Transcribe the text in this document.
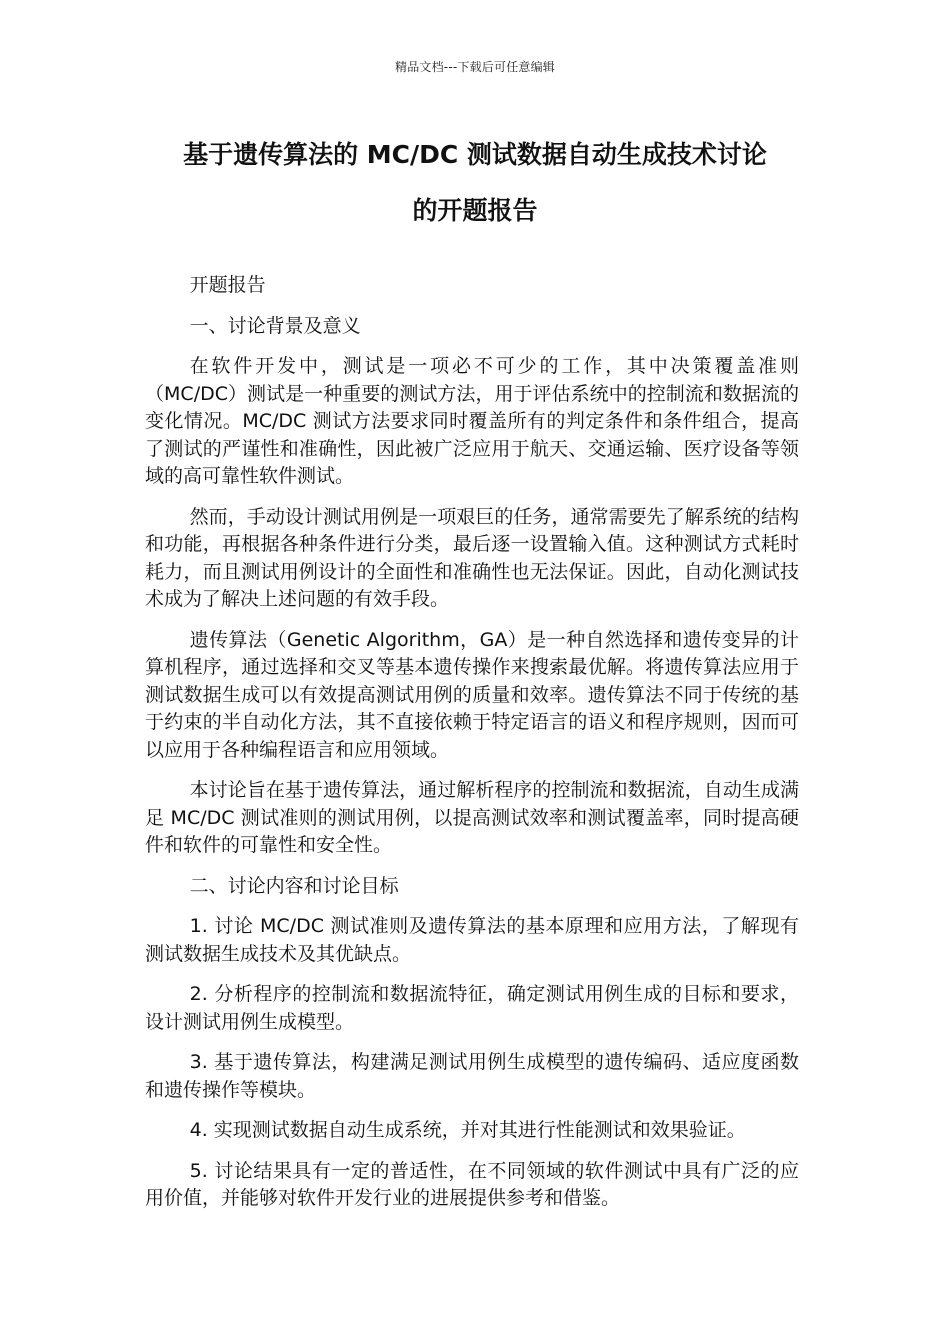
精品文档---下载后可任意编辑
基于遗传算法的 MC/DC 测试数据自动生成技术讨论
的开题报告

开题报告

一、讨论背景及意义

在软件开发中，测试是一项必不可少的工作，其中决策覆盖准则（MC/DC）测试是一种重要的测试方法，用于评估系统中的控制流和数据流的变化情况。MC/DC 测试方法要求同时覆盖所有的判定条件和条件组合，提高了测试的严谨性和准确性，因此被广泛应用于航天、交通运输、医疗设备等领域的高可靠性软件测试。

然而，手动设计测试用例是一项艰巨的任务，通常需要先了解系统的结构和功能，再根据各种条件进行分类，最后逐一设置输入值。这种测试方式耗时耗力，而且测试用例设计的全面性和准确性也无法保证。因此，自动化测试技术成为了解决上述问题的有效手段。

遗传算法（Genetic Algorithm，GA）是一种自然选择和遗传变异的计算机程序，通过选择和交叉等基本遗传操作来搜索最优解。将遗传算法应用于测试数据生成可以有效提高测试用例的质量和效率。遗传算法不同于传统的基于约束的半自动化方法，其不直接依赖于特定语言的语义和程序规则，因而可以应用于各种编程语言和应用领域。

本讨论旨在基于遗传算法，通过解析程序的控制流和数据流，自动生成满足 MC/DC 测试准则的测试用例，以提高测试效率和测试覆盖率，同时提高硬件和软件的可靠性和安全性。

二、讨论内容和讨论目标

1. 讨论 MC/DC 测试准则及遗传算法的基本原理和应用方法，了解现有测试数据生成技术及其优缺点。

2. 分析程序的控制流和数据流特征，确定测试用例生成的目标和要求，设计测试用例生成模型。

3. 基于遗传算法，构建满足测试用例生成模型的遗传编码、适应度函数和遗传操作等模块。

4. 实现测试数据自动生成系统，并对其进行性能测试和效果验证。

5. 讨论结果具有一定的普适性，在不同领域的软件测试中具有广泛的应用价值，并能够对软件开发行业的进展提供参考和借鉴。
